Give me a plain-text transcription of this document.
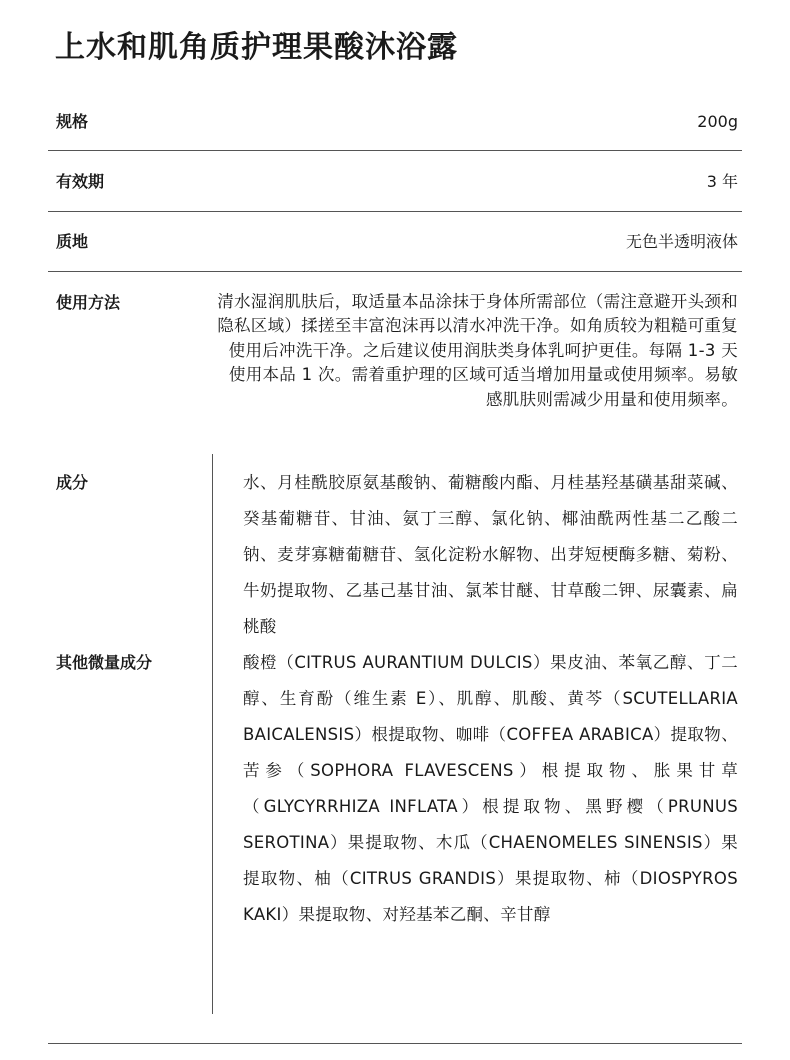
上水和肌角质护理果酸沐浴露
规格	200g
有效期	3 年
质地	无色半透明液体
使用方法	清水湿润肌肤后，取适量本品涂抹于身体所需部位（需注意避开头颈和隐私区域）揉搓至丰富泡沫再以清水冲洗干净。如角质较为粗糙可重复使用后冲洗干净。之后建议使用润肤类身体乳呵护更佳。每隔 1-3 天使用本品 1 次。需着重护理的区域可适当增加用量或使用频率。易敏感肌肤则需减少用量和使用频率。
成分	水、月桂酰胶原氨基酸钠、葡糖酸内酯、月桂基羟基磺基甜菜碱、癸基葡糖苷、甘油、氨丁三醇、氯化钠、椰油酰两性基二乙酸二钠、麦芽寡糖葡糖苷、氢化淀粉水解物、出芽短梗酶多糖、菊粉、牛奶提取物、乙基己基甘油、氯苯甘醚、甘草酸二钾、尿囊素、扁桃酸
其他微量成分	酸橙（CITRUS AURANTIUM DULCIS）果皮油、苯氧乙醇、丁二醇、生育酚（维生素 E）、肌醇、肌酸、黄芩（SCUTELLARIA BAICALENSIS）根提取物、咖啡（COFFEA ARABICA）提取物、苦参（SOPHORA FLAVESCENS）根提取物、胀果甘草（GLYCYRRHIZA INFLATA）根提取物、黑野樱（PRUNUS SEROTINA）果提取物、木瓜（CHAENOMELES SINENSIS）果提取物、柚（CITRUS GRANDIS）果提取物、柿（DIOSPYROS KAKI）果提取物、对羟基苯乙酮、辛甘醇
